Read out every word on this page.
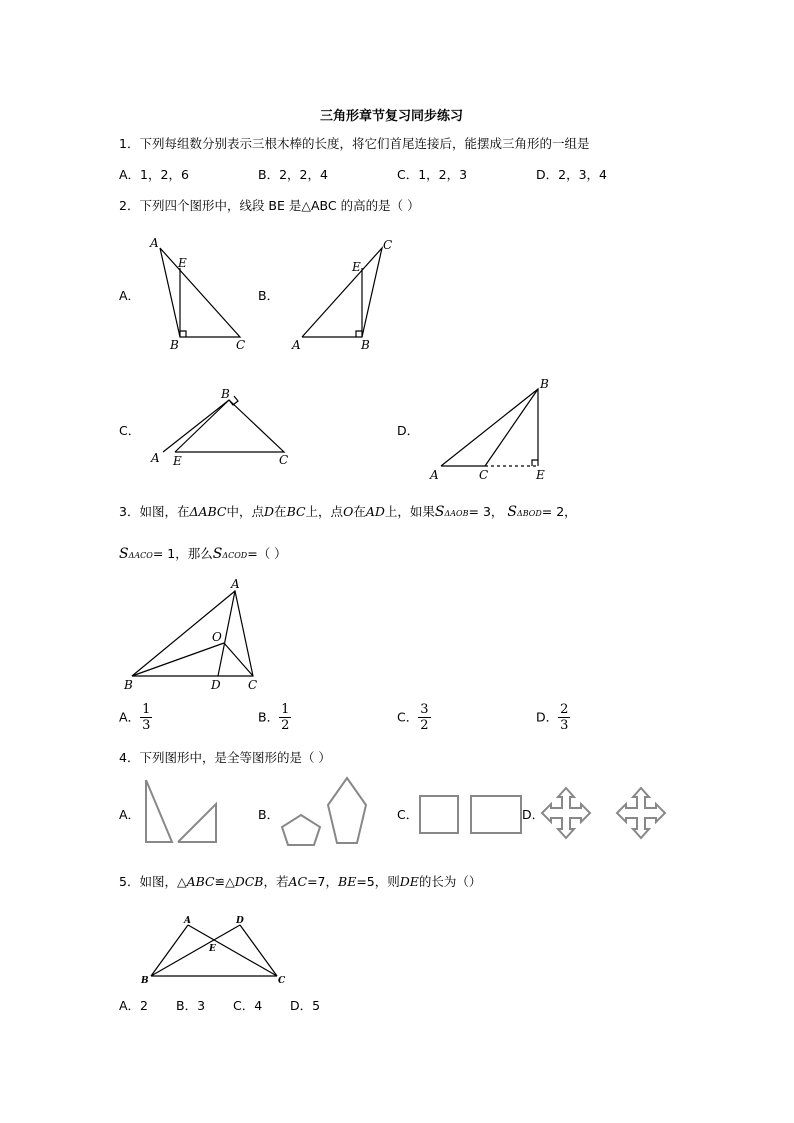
三角形章节复习同步练习
1．下列每组数分别表示三根木棒的长度，将它们首尾连接后，能摆成三角形的一组是
A．1，2，6	B．2，2，4	C．1，2，3	D．2，3，4
2．下列四个图形中，线段 BE 是△ABC 的高的是（ ）
A．	B．
C．	D．
A
E
B	C
C
E
A	B
B
A E	C
B
A	C	E
3．如图，在ΔABC中，点D在BC上，点O在AD上，如果SΔAOB= 3， SΔBOD= 2，
SΔACO= 1，那么SΔCOD=（ ）
A
O
B	D C
A． $\frac{1}{3}$	B． $\frac{1}{2}$	C． $\frac{3}{2}$	D． $\frac{2}{3}$
4．下列图形中，是全等图形的是（ ）
A．	B．	C．	D．
5．如图，△ABC≌△DCB，若AC=7，BE=5，则DE的长为（）
A	D
E
B	C
A．2 B．3 C．4 D．5
